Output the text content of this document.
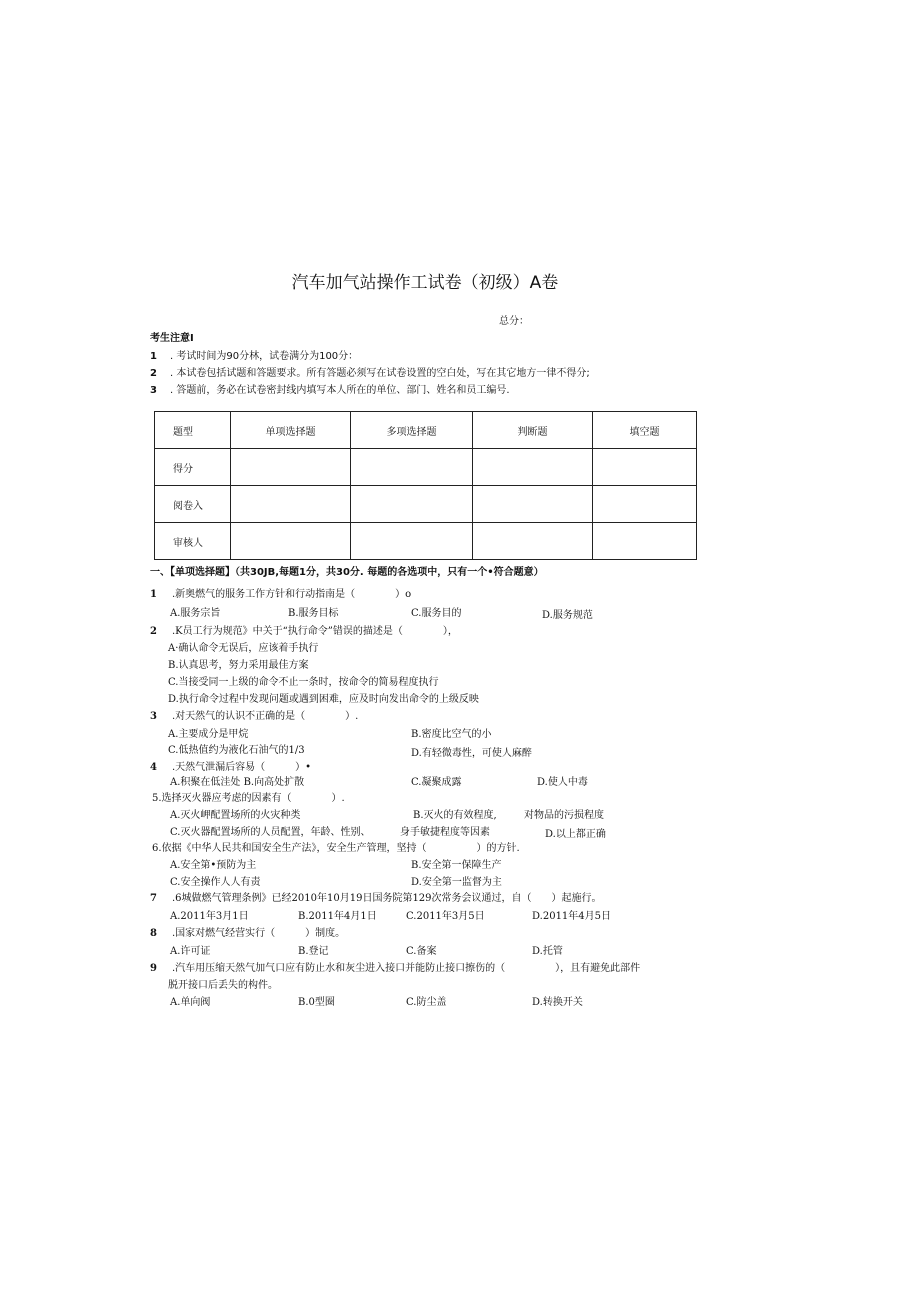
汽车加气站操作工试卷（初级）A卷
总分：
考生注意I
1 . 考试时间为90分林，试卷满分为100分：
2 . 本试卷包括试题和答题要求。所有答题必须写在试卷设置的空白处，写在其它地方一律不得分;
3 . 答题前，务必在试卷密封线内填写本人所在的单位、部门、姓名和员工编号.
题型	单项选择题	多项选择题	判断题	填空题
得分				
阅卷入				
审核人				
一、【单项选择题】（共30JB,每题1分，共30分. 每题的各选项中，只有一个•符合题意）
1 .新奥燃气的服务工作方针和行动指南是（　　　　）o
A.服务宗旨	B.服务目标	C.服务目的	D.服务规范
2 .K员工行为规范》中关于“执行命令”错误的描述是（　　　　），
A·确认命令无误后，应该着手执行
B.认真思考，努力采用最佳方案
C.当接受同一上级的命令不止一条时，按命令的简易程度执行
D.执行命令过程中发现问题或遇到困难，应及时向发出命令的上级反映
3 .对天然气的认识不正确的是（　　　　）.
A.主要成分是甲烷	B.密度比空气的小
C.低热值约为液化石油气的1/3	D.有轻微毒性，可使人麻醉
4 .天然气泄漏后容易（　　　）•
A.积聚在低洼处 B.向高处扩散	C.凝聚成露	D.使人中毒
5.选择灭火器应考虑的因素有（　　　　）.
A.灭火岬配置场所的火灾种类	B.灭火的有效程度,	对物品的污损程度
C.灭火器配置场所的人员配置，年龄、性别、	身手敏捷程度等因素	D.以上都正确
6.依据《中华人民共和国安全生产法》，安全生产管理，坚持（　　　　　）的方针.
A.安全第•预防为主	B.安全第一保障生产
C.安全操作人人有责	D.安全第一监督为主
7 .6城做燃气管理条例》已经2010年10月19日国务院第129次常务会议通过，自（　　）起施行。
A.2011年3月1日	B.2011年4月1日	C.2011年3月5日	D.2011年4月5日
8 .国家对燃气经营实行（　　　）制度。
A.许可证	B.登记	C.备案	D.托管
9 .汽车用压缩天然气加气口应有防止水和灰尘进入接口并能防止接口擦伤的（　　　　　），且有避免此部件
脱开接口后丢失的构件。
A.单向阀	B.0型圈	C.防尘盖	D.转换开关
